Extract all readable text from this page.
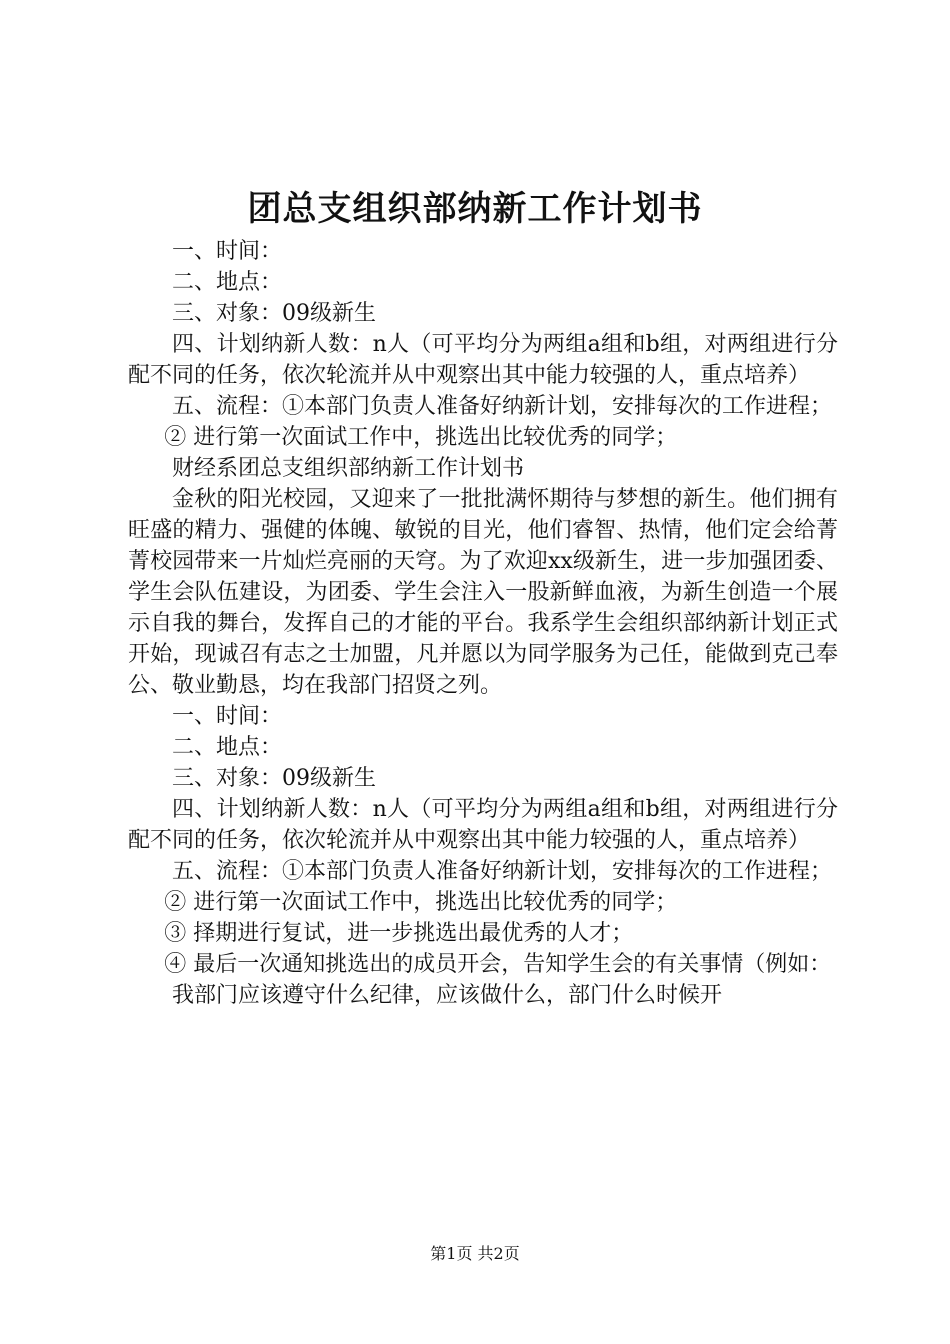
团总支组织部纳新工作计划书

一、时间：

二、地点：

三、对象：09级新生

四、计划纳新人数：n人（可平均分为两组a组和b组，对两组进行分配不同的任务，依次轮流并从中观察出其中能力较强的人，重点培养）

五、流程：①本部门负责人准备好纳新计划，安排每次的工作进程；

② 进行第一次面试工作中，挑选出比较优秀的同学；

财经系团总支组织部纳新工作计划书

金秋的阳光校园，又迎来了一批批满怀期待与梦想的新生。他们拥有旺盛的精力、强健的体魄、敏锐的目光，他们睿智、热情，他们定会给菁菁校园带来一片灿烂亮丽的天穹。为了欢迎xx级新生，进一步加强团委、学生会队伍建设，为团委、学生会注入一股新鲜血液，为新生创造一个展示自我的舞台，发挥自己的才能的平台。我系学生会组织部纳新计划正式开始，现诚召有志之士加盟，凡并愿以为同学服务为己任，能做到克己奉公、敬业勤恳，均在我部门招贤之列。

一、时间：

二、地点：

三、对象：09级新生

四、计划纳新人数：n人（可平均分为两组a组和b组，对两组进行分配不同的任务，依次轮流并从中观察出其中能力较强的人，重点培养）

五、流程：①本部门负责人准备好纳新计划，安排每次的工作进程；

② 进行第一次面试工作中，挑选出比较优秀的同学；

③ 择期进行复试，进一步挑选出最优秀的人才；

④ 最后一次通知挑选出的成员开会，告知学生会的有关事情（例如：

我部门应该遵守什么纪律，应该做什么，部门什么时候开

第1页 共2页
